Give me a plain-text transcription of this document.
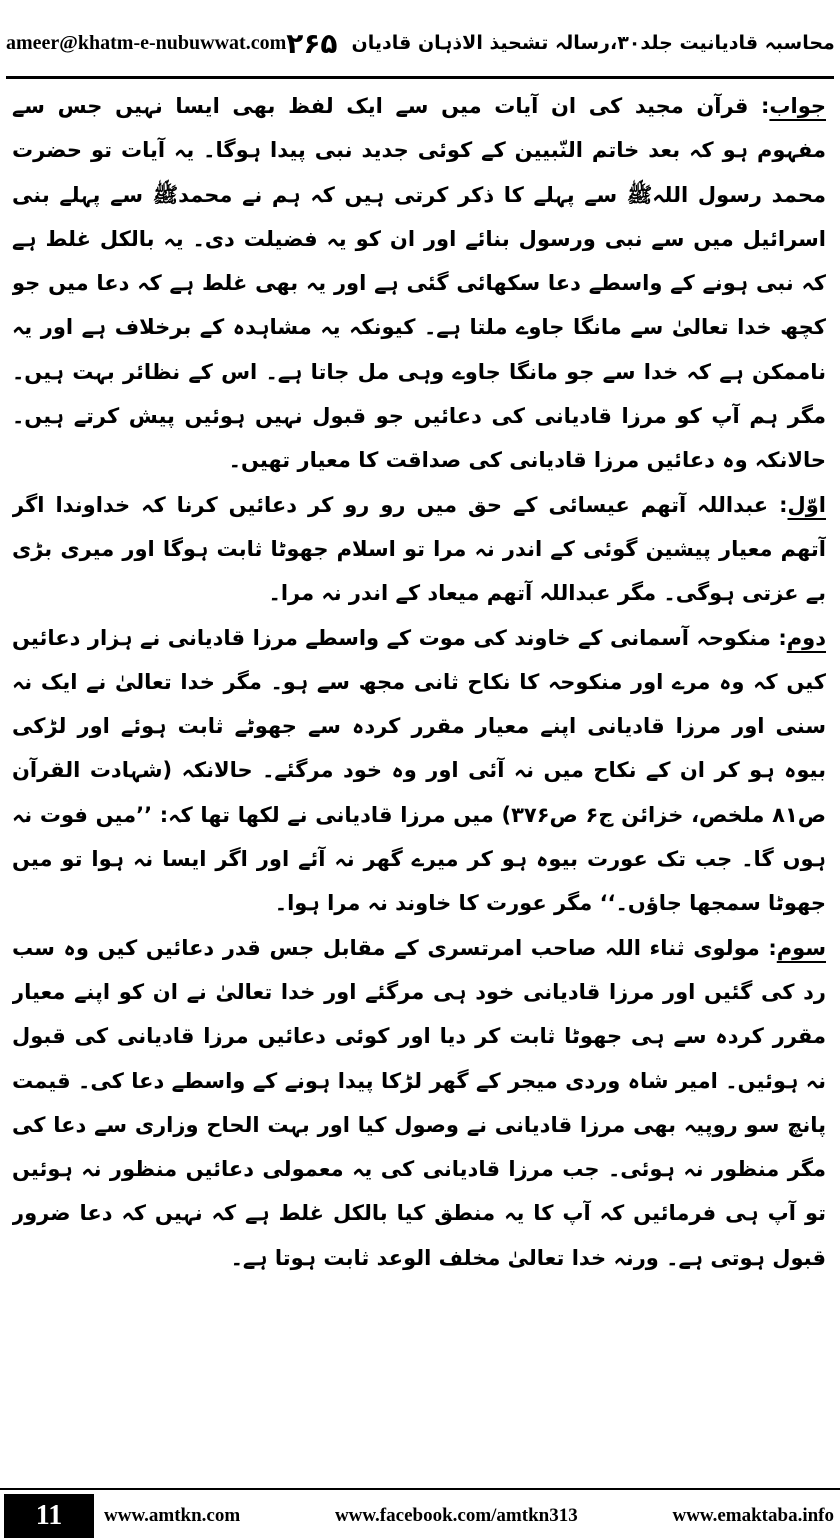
ameer@khatm-e-nubuwwat.com	محاسبہ قادیانیت جلد۳۰،رسالہ تشحیذ الاذہان قادیان
۲۶۵

جواب: قرآن مجید کی ان آیات میں سے ایک لفظ بھی ایسا نہیں جس سے مفہوم ہو کہ بعد خاتم النّبیین کے کوئی جدید نبی پیدا ہوگا۔ یہ آیات تو حضرت محمد رسول اللہﷺ سے پہلے کا ذکر کرتی ہیں کہ ہم نے محمدﷺ سے پہلے بنی اسرائیل میں سے نبی ورسول بنائے اور ان کو یہ فضیلت دی۔ یہ بالکل غلط ہے کہ نبی ہونے کے واسطے دعا سکھائی گئی ہے اور یہ بھی غلط ہے کہ دعا میں جو کچھ خدا تعالیٰ سے مانگا جاوے ملتا ہے۔ کیونکہ یہ مشاہدہ کے برخلاف ہے اور یہ ناممکن ہے کہ خدا سے جو مانگا جاوے وہی مل جاتا ہے۔ اس کے نظائر بہت ہیں۔ مگر ہم آپ کو مرزا قادیانی کی دعائیں جو قبول نہیں ہوئیں پیش کرتے ہیں۔ حالانکہ وہ دعائیں مرزا قادیانی کی صداقت کا معیار تھیں۔

اوّل: عبداللہ آتھم عیسائی کے حق میں رو رو کر دعائیں کرنا کہ خداوندا اگر آتھم معیار پیشین گوئی کے اندر نہ مرا تو اسلام جھوٹا ثابت ہوگا اور میری بڑی بے عزتی ہوگی۔ مگر عبداللہ آتھم میعاد کے اندر نہ مرا۔

دوم: منکوحہ آسمانی کے خاوند کی موت کے واسطے مرزا قادیانی نے ہزار دعائیں کیں کہ وہ مرے اور منکوحہ کا نکاح ثانی مجھ سے ہو۔ مگر خدا تعالیٰ نے ایک نہ سنی اور مرزا قادیانی اپنے معیار مقرر کردہ سے جھوٹے ثابت ہوئے اور لڑکی بیوہ ہو کر ان کے نکاح میں نہ آئی اور وہ خود مرگئے۔ حالانکہ (شہادت القرآن ص۸۱ ملخص، خزائن ج۶ ص۳۷۶) میں مرزا قادیانی نے لکھا تھا کہ: ’’میں فوت نہ ہوں گا۔ جب تک عورت بیوہ ہو کر میرے گھر نہ آئے اور اگر ایسا نہ ہوا تو میں جھوٹا سمجھا جاؤں۔‘‘ مگر عورت کا خاوند نہ مرا ہوا۔

سوم: مولوی ثناء اللہ صاحب امرتسری کے مقابل جس قدر دعائیں کیں وہ سب رد کی گئیں اور مرزا قادیانی خود ہی مرگئے اور خدا تعالیٰ نے ان کو اپنے معیار مقرر کردہ سے ہی جھوٹا ثابت کر دیا اور کوئی دعائیں مرزا قادیانی کی قبول نہ ہوئیں۔ امیر شاہ وردی میجر کے گھر لڑکا پیدا ہونے کے واسطے دعا کی۔ قیمت پانچ سو روپیہ بھی مرزا قادیانی نے وصول کیا اور بہت الحاح وزاری سے دعا کی مگر منظور نہ ہوئی۔ جب مرزا قادیانی کی یہ معمولی دعائیں منظور نہ ہوئیں تو آپ ہی فرمائیں کہ آپ کا یہ منطق کیا بالکل غلط ہے کہ نہیں کہ دعا ضرور قبول ہوتی ہے۔ ورنہ خدا تعالیٰ مخلف الوعد ثابت ہوتا ہے۔

11	www.amtkn.com	www.facebook.com/amtkn313	www.emaktaba.info
